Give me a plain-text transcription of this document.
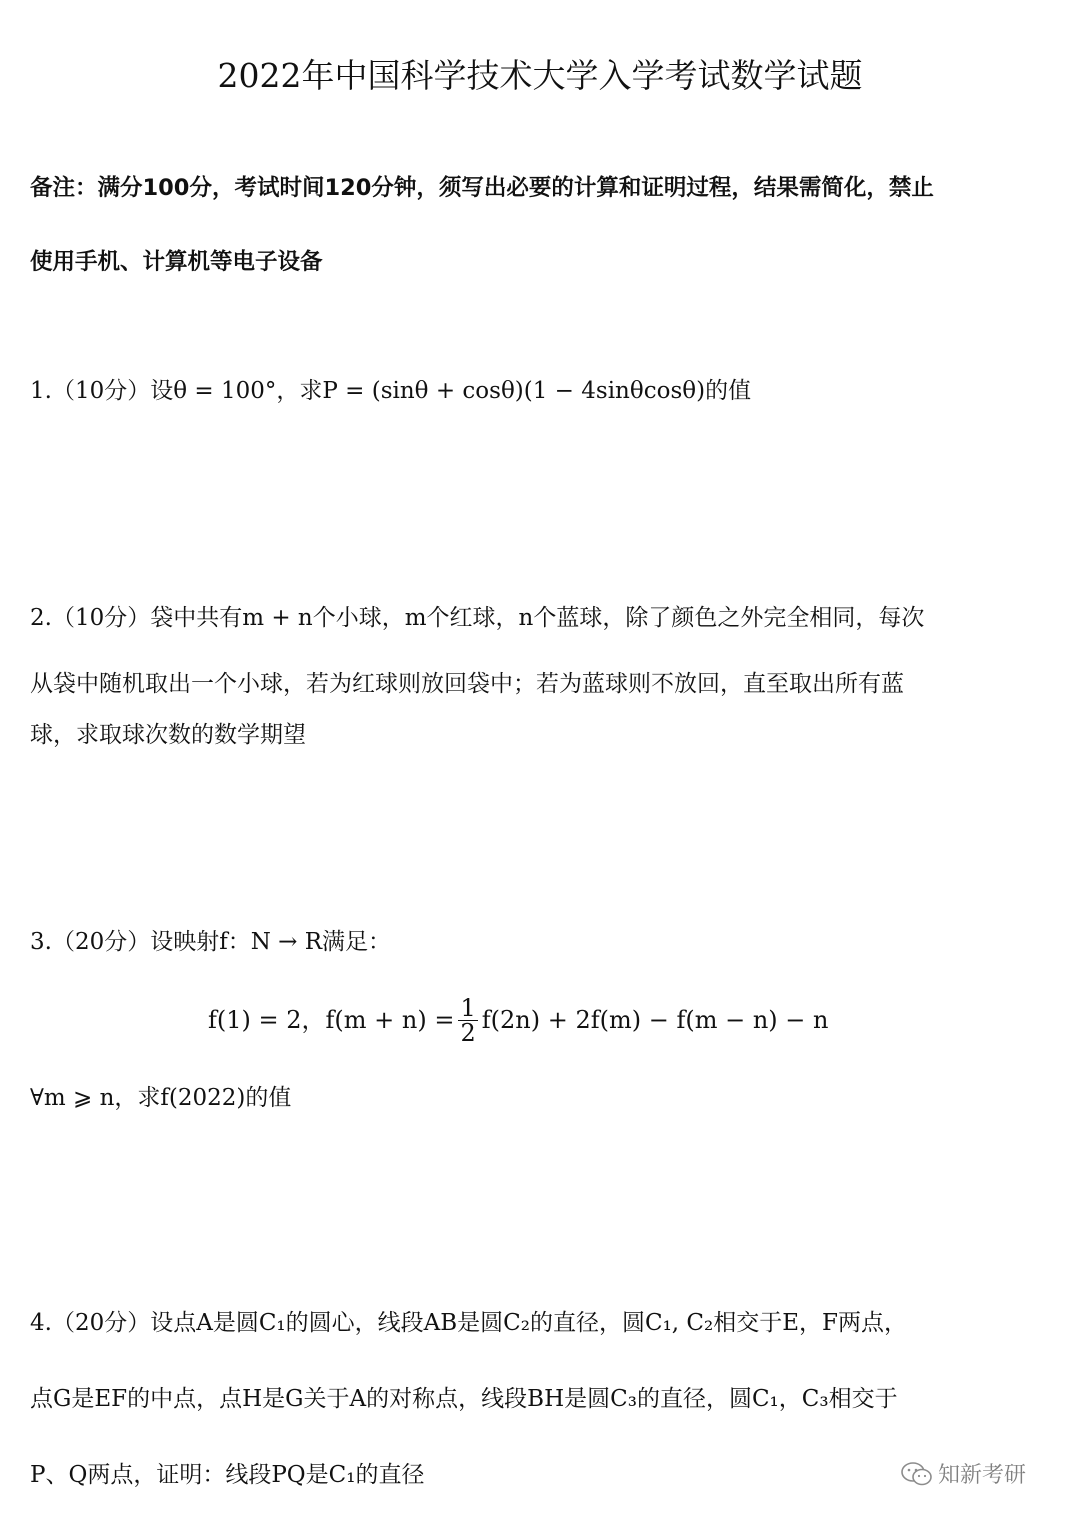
2022年中国科学技术大学入学考试数学试题
备注：满分100分，考试时间120分钟，须写出必要的计算和证明过程，结果需简化，禁止
使用手机、计算机等电子设备
1.（10分）设θ = 100°，求P = (sinθ + cosθ)(1 − 4sinθcosθ)的值
2.（10分）袋中共有m + n个小球，m个红球，n个蓝球，除了颜色之外完全相同，每次
从袋中随机取出一个小球，若为红球则放回袋中；若为蓝球则不放回，直至取出所有蓝
球，求取球次数的数学期望
3.（20分）设映射f：N → R满足：
∀m ⩾ n，求f(2022)的值
f(1) = 2，$f(m + n) = \frac{1}{2} f(2n) + 2f(m) - f(m - n) - n$
4.（20分）设点A是圆C₁的圆心，线段AB是圆C₂的直径，圆C₁, C₂相交于E，F两点，
点G是EF的中点，点H是G关于A的对称点，线段BH是圆C₃的直径，圆C₁，C₃相交于
P、Q两点，证明：线段PQ是C₁的直径	知新考研
